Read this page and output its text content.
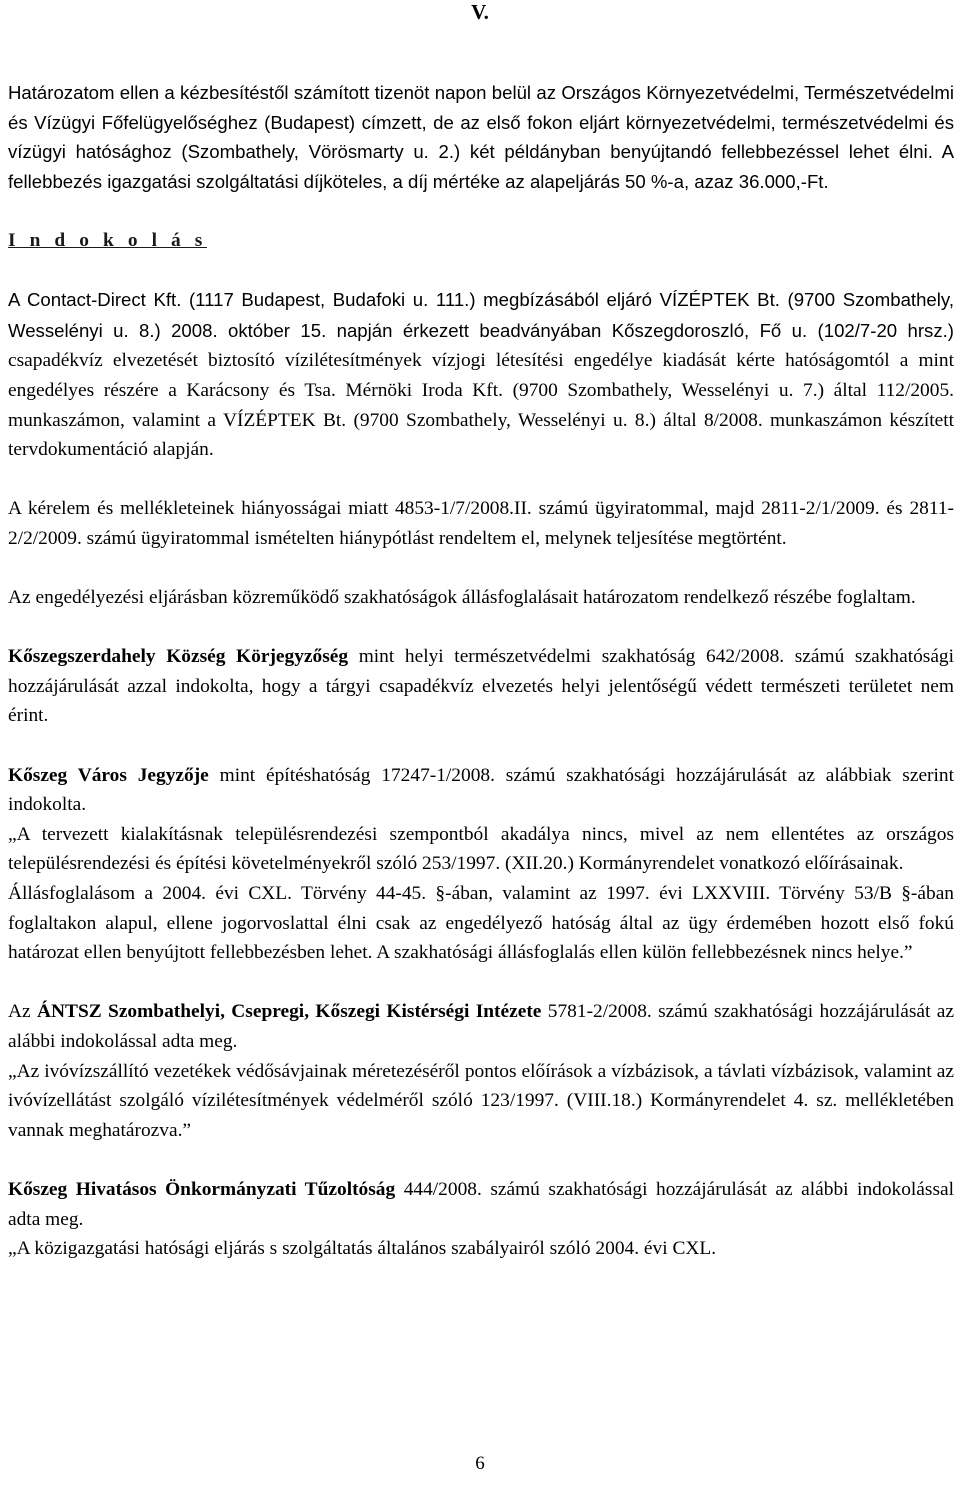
V.

Határozatom ellen a kézbesítéstől számított tizenöt napon belül az Országos Környezetvédelmi, Természetvédelmi és Vízügyi Főfelügyelőséghez (Budapest) címzett, de az első fokon eljárt környezetvédelmi, természetvédelmi és vízügyi hatósághoz (Szombathely, Vörösmarty u. 2.) két példányban benyújtandó fellebbezéssel lehet élni. A fellebbezés igazgatási szolgáltatási díjköteles, a díj mértéke az alapeljárás 50 %-a, azaz 36.000,-Ft.

I n d o k o l á s

A Contact-Direct Kft. (1117 Budapest, Budafoki u. 111.) megbízásából eljáró VÍZÉPTEK Bt. (9700 Szombathely, Wesselényi u. 8.) 2008. október 15. napján érkezett beadványában Kőszegdoroszló, Fő u. (102/7-20 hrsz.) csapadékvíz elvezetését biztosító vízilétesítmények vízjogi létesítési engedélye kiadását kérte hatóságomtól a mint engedélyes részére a Karácsony és Tsa. Mérnöki Iroda Kft. (9700 Szombathely, Wesselényi u. 7.) által 112/2005. munkaszámon, valamint a VÍZÉPTEK Bt. (9700 Szombathely, Wesselényi u. 8.) által 8/2008. munkaszámon készített tervdokumentáció alapján.

A kérelem és mellékleteinek hiányosságai miatt 4853-1/7/2008.II. számú ügyiratommal, majd 2811-2/1/2009. és 2811-2/2/2009. számú ügyiratommal ismételten hiánypótlást rendeltem el, melynek teljesítése megtörtént.

Az engedélyezési eljárásban közreműködő szakhatóságok állásfoglalásait határozatom rendelkező részébe foglaltam.

Kőszegszerdahely Község Körjegyzőség mint helyi természetvédelmi szakhatóság 642/2008. számú szakhatósági hozzájárulását azzal indokolta, hogy a tárgyi csapadékvíz elvezetés helyi jelentőségű védett természeti területet nem érint.

Kőszeg Város Jegyzője mint építéshatóság 17247-1/2008. számú szakhatósági hozzájárulását az alábbiak szerint indokolta.

„A tervezett kialakításnak településrendezési szempontból akadálya nincs, mivel az nem ellentétes az országos településrendezési és építési követelményekről szóló 253/1997. (XII.20.) Kormányrendelet vonatkozó előírásainak.

Állásfoglalásom a 2004. évi CXL. Törvény 44-45. §-ában, valamint az 1997. évi LXXVIII. Törvény 53/B §-ában foglaltakon alapul, ellene jogorvoslattal élni csak az engedélyező hatóság által az ügy érdemében hozott első fokú határozat ellen benyújtott fellebbezésben lehet. A szakhatósági állásfoglalás ellen külön fellebbezésnek nincs helye.”

Az ÁNTSZ Szombathelyi, Csepregi, Kőszegi Kistérségi Intézete 5781-2/2008. számú szakhatósági hozzájárulását az alábbi indokolással adta meg.

„Az ivóvízszállító vezetékek védősávjainak méretezéséről pontos előírások a vízbázisok, a távlati vízbázisok, valamint az ivóvízellátást szolgáló vízilétesítmények védelméről szóló 123/1997. (VIII.18.) Kormányrendelet 4. sz. mellékletében vannak meghatározva.”

Kőszeg Hivatásos Önkormányzati Tűzoltóság 444/2008. számú szakhatósági hozzájárulását az alábbi indokolással adta meg.

„A közigazgatási hatósági eljárás s szolgáltatás általános szabályairól szóló 2004. évi CXL.

6
